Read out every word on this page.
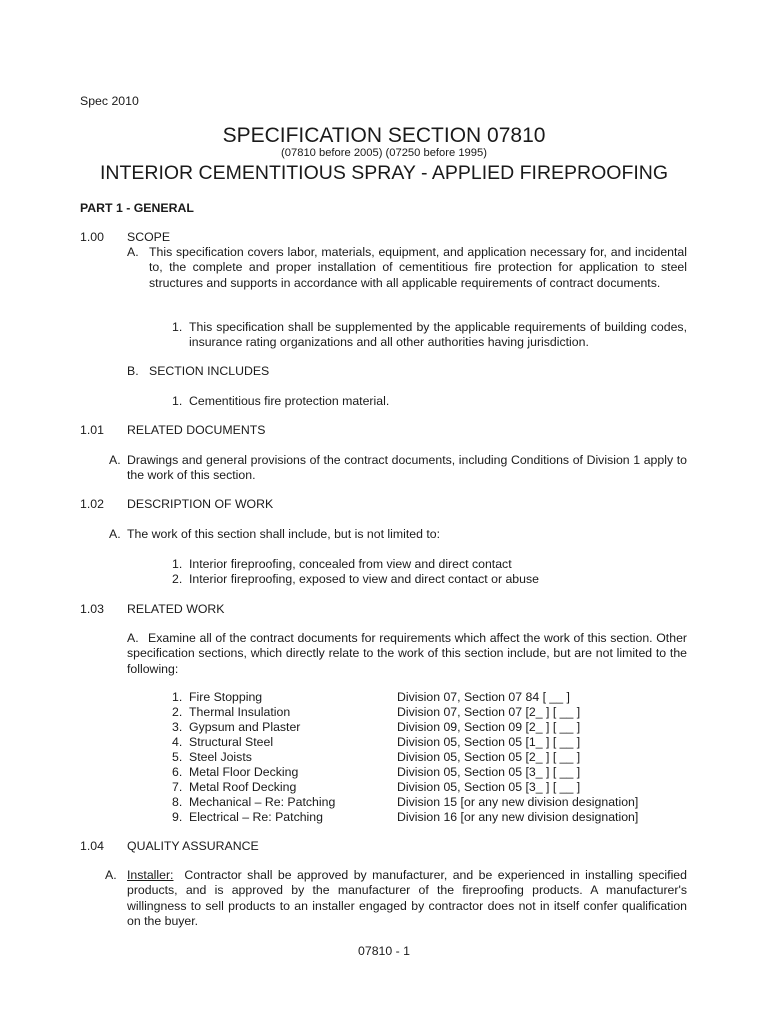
Spec 2010
SPECIFICATION SECTION 07810
(07810 before 2005) (07250 before 1995)
INTERIOR CEMENTITIOUS SPRAY - APPLIED FIREPROOFING
PART 1 - GENERAL
1.00 SCOPE
A. This specification covers labor, materials, equipment, and application necessary for, and incidental to, the complete and proper installation of cementitious fire protection for application to steel structures and supports in accordance with all applicable requirements of contract documents.
1. This specification shall be supplemented by the applicable requirements of building codes, insurance rating organizations and all other authorities having jurisdiction.
B. SECTION INCLUDES
1. Cementitious fire protection material.
1.01 RELATED DOCUMENTS
A. Drawings and general provisions of the contract documents, including Conditions of Division 1 apply to the work of this section.
1.02 DESCRIPTION OF WORK
A. The work of this section shall include, but is not limited to:
1. Interior fireproofing, concealed from view and direct contact
2. Interior fireproofing, exposed to view and direct contact or abuse
1.03 RELATED WORK
A. Examine all of the contract documents for requirements which affect the work of this section. Other specification sections, which directly relate to the work of this section include, but are not limited to the following:
1. Fire Stopping	Division 07, Section 07 84 [ __ ]
2. Thermal Insulation	Division 07, Section 07 [2_ ] [ __ ]
3. Gypsum and Plaster	Division 09, Section 09 [2_ ] [ __ ]
4. Structural Steel	Division 05, Section 05 [1_ ] [ __ ]
5. Steel Joists	Division 05, Section 05 [2_ ] [ __ ]
6. Metal Floor Decking	Division 05, Section 05 [3_ ] [ __ ]
7. Metal Roof Decking	Division 05, Section 05 [3_ ] [ __ ]
8. Mechanical – Re: Patching	Division 15 [or any new division designation]
9. Electrical – Re: Patching	Division 16 [or any new division designation]
1.04 QUALITY ASSURANCE
A. Installer: Contractor shall be approved by manufacturer, and be experienced in installing specified products, and is approved by the manufacturer of the fireproofing products. A manufacturer's willingness to sell products to an installer engaged by contractor does not in itself confer qualification on the buyer.
07810 - 1
